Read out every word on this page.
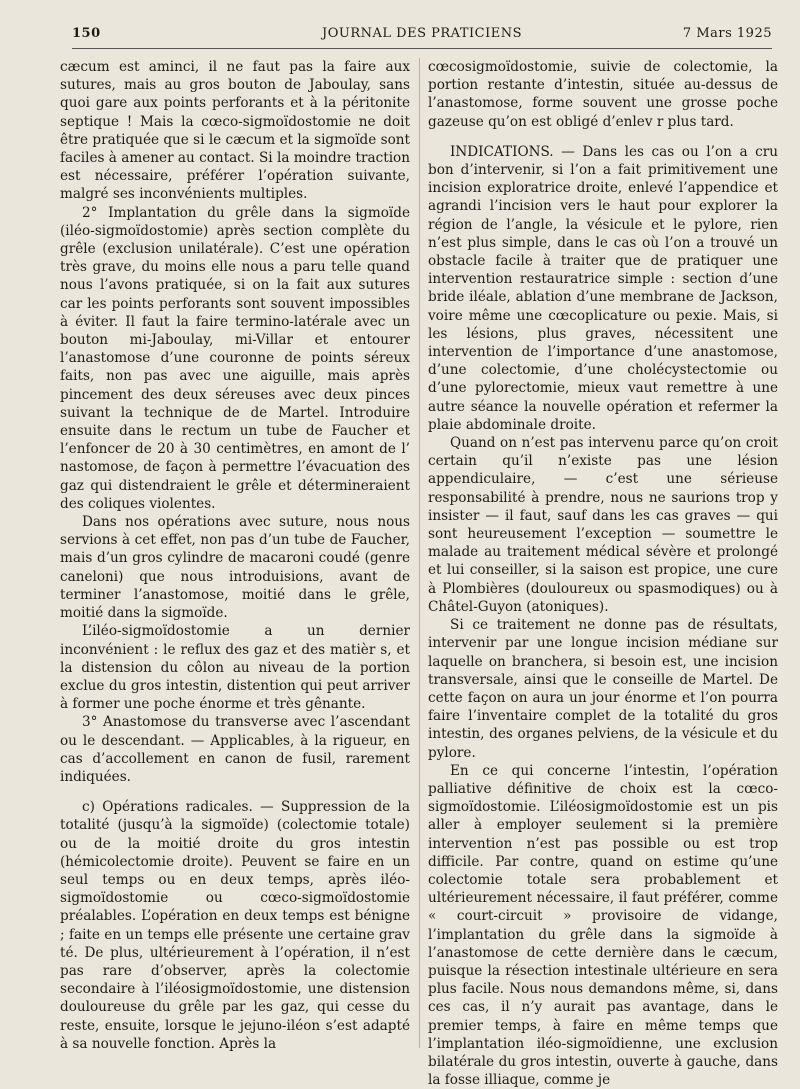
150	JOURNAL DES PRATICIENS	7 Mars 1925

cæcum est aminci, il ne faut pas la faire aux sutures, mais au gros bouton de Jaboulay, sans quoi gare aux points perforants et à la péritonite septique ! Mais la cœco-sigmoïdostomie ne doit être pratiquée que si le cæcum et la sigmoïde sont faciles à amener au contact. Si la moindre traction est nécessaire, préférer l’opération suivante, malgré ses inconvénients multiples.

2° Implantation du grêle dans la sigmoïde (iléo-sigmoïdostomie) après section complète du grêle (exclusion unilatérale). C’est une opération très grave, du moins elle nous a paru telle quand nous l’avons pratiquée, si on la fait aux sutures car les points perforants sont souvent impossibles à éviter. Il faut la faire termino-latérale avec un bouton mi-Jaboulay, mi-Villar et entourer l’anastomose d’une couronne de points séreux faits, non pas avec une aiguille, mais après pincement des deux séreuses avec deux pinces suivant la technique de de Martel. Introduire ensuite dans le rectum un tube de Faucher et l’enfoncer de 20 à 30 centimètres, en amont de l’ nastomose, de façon à permettre l’évacuation des gaz qui distendraient le grêle et détermineraient des coliques violentes.

Dans nos opérations avec suture, nous nous servions à cet effet, non pas d’un tube de Faucher, mais d’un gros cylindre de macaroni coudé (genre caneloni) que nous introduisions, avant de terminer l’anastomose, moitié dans le grêle, moitié dans la sigmoïde.

L’iléo-sigmoïdostomie a un dernier inconvénient : le reflux des gaz et des matièr s, et la distension du côlon au niveau de la portion exclue du gros intestin, distention qui peut arriver à former une poche énorme et très gênante.

3° Anastomose du transverse avec l’ascendant ou le descendant. — Applicables, à la rigueur, en cas d’accollement en canon de fusil, rarement indiquées.

c) Opérations radicales. — Suppression de la totalité (jusqu’à la sigmoïde) (colectomie totale) ou de la moitié droite du gros intestin (hémicolectomie droite). Peuvent se faire en un seul temps ou en deux temps, après iléo-sigmoïdostomie ou cœco-sigmoïdostomie préalables. L’opération en deux temps est bénigne ; faite en un temps elle présente une certaine grav té. De plus, ultérieurement à l’opération, il n’est pas rare d’observer, après la colectomie secondaire à l’iléosigmoïdostomie, une distension douloureuse du grêle par les gaz, qui cesse du reste, ensuite, lorsque le jejuno-iléon s’est adapté à sa nouvelle fonction. Après la

cœcosigmoïdostomie, suivie de colectomie, la portion restante d’intestin, située au-dessus de l’anastomose, forme souvent une grosse poche gazeuse qu’on est obligé d’enlev r plus tard.

INDICATIONS. — Dans les cas ou l’on a cru bon d’intervenir, si l’on a fait primitivement une incision exploratrice droite, enlevé l’appendice et agrandi l’incision vers le haut pour explorer la région de l’angle, la vésicule et le pylore, rien n’est plus simple, dans le cas où l’on a trouvé un obstacle facile à traiter que de pratiquer une intervention restauratrice simple : section d’une bride iléale, ablation d’une membrane de Jackson, voire même une cœcoplicature ou pexie. Mais, si les lésions, plus graves, nécessitent une intervention de l’importance d’une anastomose, d’une colectomie, d’une cholécystectomie ou d’une pylorectomie, mieux vaut remettre à une autre séance la nouvelle opération et refermer la plaie abdominale droite.

Quand on n’est pas intervenu parce qu’on croit certain qu’il n’existe pas une lésion appendiculaire, — c’est une sérieuse responsabilité à prendre, nous ne saurions trop y insister — il faut, sauf dans les cas graves — qui sont heureusement l’exception — soumettre le malade au traitement médical sévère et prolongé et lui conseiller, si la saison est propice, une cure à Plombières (douloureux ou spasmodiques) ou à Châtel-Guyon (atoniques).

Si ce traitement ne donne pas de résultats, intervenir par une longue incision médiane sur laquelle on branchera, si besoin est, une incision transversale, ainsi que le conseille de Martel. De cette façon on aura un jour énorme et l’on pourra faire l’inventaire complet de la totalité du gros intestin, des organes pelviens, de la vésicule et du pylore.

En ce qui concerne l’intestin, l’opération palliative définitive de choix est la cœco-sigmoïdostomie. L’iléosigmoïdostomie est un pis aller à employer seulement si la première intervention n’est pas possible ou est trop difficile. Par contre, quand on estime qu’une colectomie totale sera probablement et ultérieurement nécessaire, il faut préférer, comme « court-circuit » provisoire de vidange, l’implantation du grêle dans la sigmoïde à l’anastomose de cette dernière dans le cæcum, puisque la résection intestinale ultérieure en sera plus facile. Nous nous demandons même, si, dans ces cas, il n’y aurait pas avantage, dans le premier temps, à faire en même temps que l’implantation iléo-sigmoïdienne, une exclusion bilatérale du gros intestin, ouverte à gauche, dans la fosse illiaque, comme je
